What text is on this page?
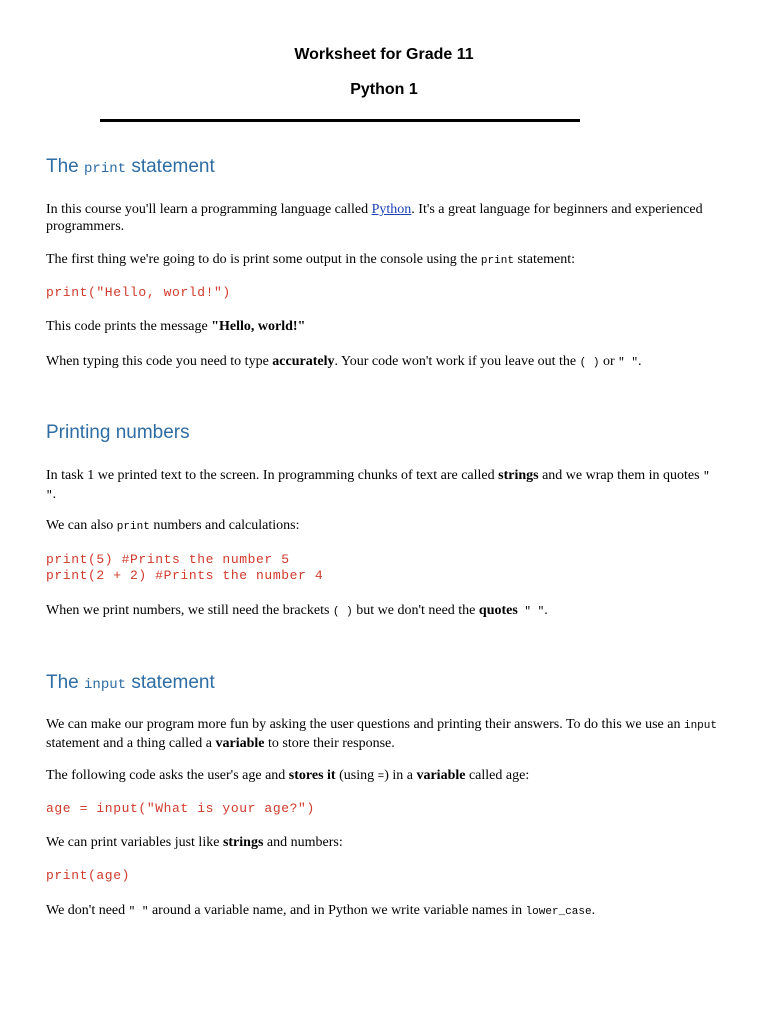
Worksheet for Grade 11
Python 1
The print statement
In this course you'll learn a programming language called Python. It's a great language for beginners and experienced programmers.
The first thing we're going to do is print some output in the console using the print statement:
print("Hello, world!")
This code prints the message "Hello, world!"
When typing this code you need to type accurately. Your code won't work if you leave out the ( ) or " ".
Printing numbers
In task 1 we printed text to the screen. In programming chunks of text are called strings and we wrap them in quotes " ".
We can also print numbers and calculations:
print(5) #Prints the number 5
print(2 + 2) #Prints the number 4
When we print numbers, we still need the brackets ( ) but we don't need the quotes " ".
The input statement
We can make our program more fun by asking the user questions and printing their answers. To do this we use an input statement and a thing called a variable to store their response.
The following code asks the user's age and stores it (using =) in a variable called age:
age = input("What is your age?")
We can print variables just like strings and numbers:
print(age)
We don't need " " around a variable name, and in Python we write variable names in lower_case.
